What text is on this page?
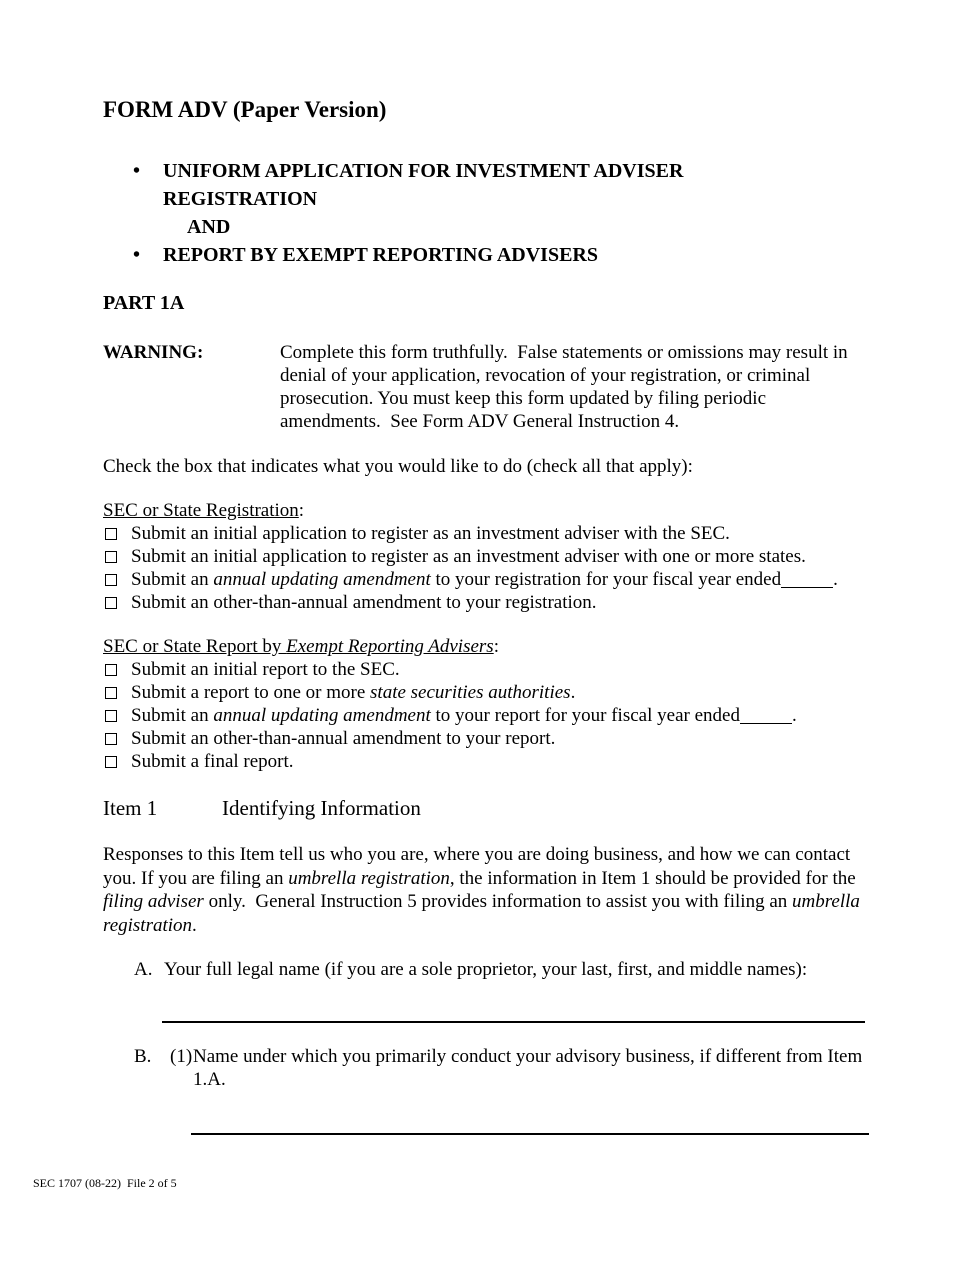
FORM ADV (Paper Version)
•	UNIFORM APPLICATION FOR INVESTMENT ADVISER REGISTRATION
AND
•	REPORT BY EXEMPT REPORTING ADVISERS
PART 1A
WARNING:	Complete this form truthfully.  False statements or omissions may result in denial of your application, revocation of your registration, or criminal prosecution. You must keep this form updated by filing periodic amendments.  See Form ADV General Instruction 4.

Check the box that indicates what you would like to do (check all that apply):

SEC or State Registration:
Submit an initial application to register as an investment adviser with the SEC.
Submit an initial application to register as an investment adviser with one or more states.
Submit an annual updating amendment to your registration for your fiscal year ended	.
Submit an other-than-annual amendment to your registration.
SEC or State Report by Exempt Reporting Advisers:
Submit an initial report to the SEC.
Submit a report to one or more state securities authorities.
Submit an annual updating amendment to your report for your fiscal year ended	.
Submit an other-than-annual amendment to your report.
Submit a final report.
Item 1	Identifying Information

Responses to this Item tell us who you are, where you are doing business, and how we can contact you. If you are filing an umbrella registration, the information in Item 1 should be provided for the filing adviser only.  General Instruction 5 provides information to assist you with filing an umbrella registration.

A. Your full legal name (if you are a sole proprietor, your last, first, and middle names):
B. (1) Name under which you primarily conduct your advisory business, if different from Item 1.A.
SEC 1707 (08-22)  File 2 of 5
